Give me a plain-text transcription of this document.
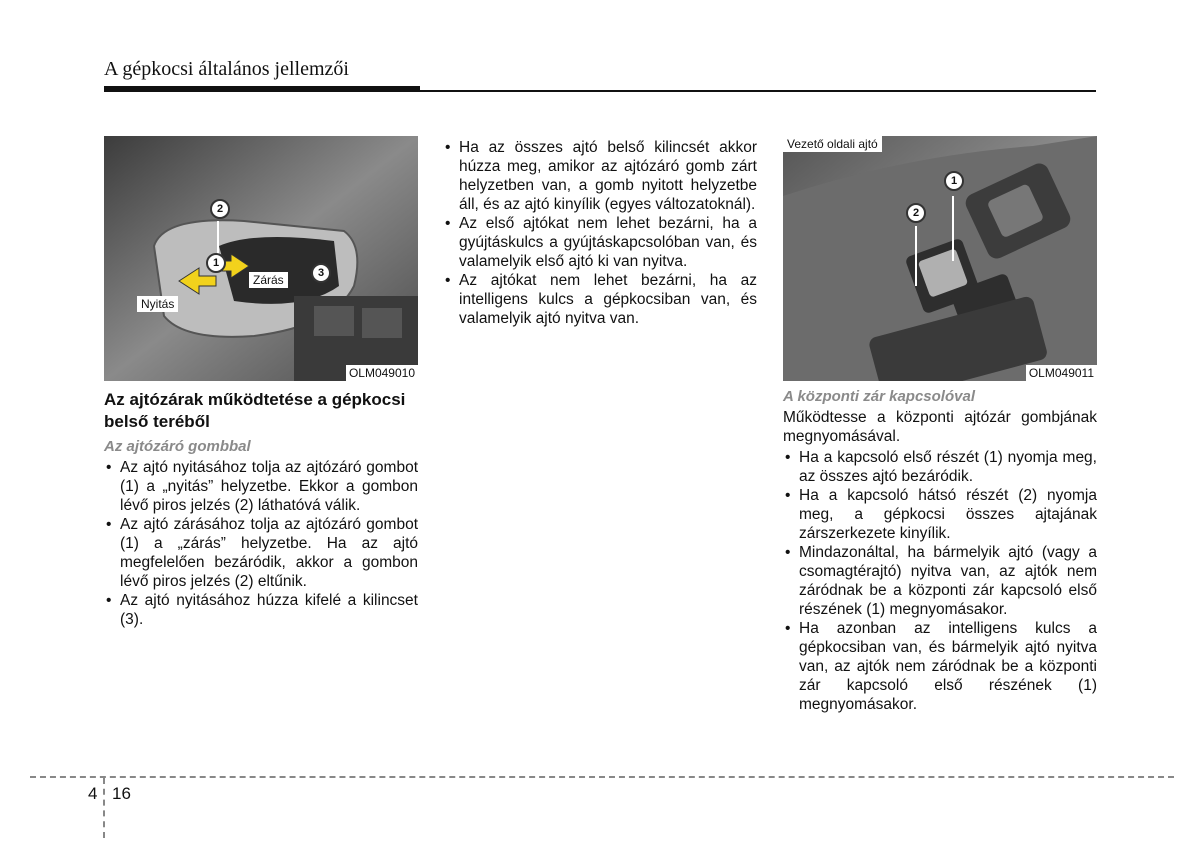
A gépkocsi általános jellemzői
1
2
3
Zárás
Nyitás
OLM049010
Az ajtózárak működtetése a gépkocsi belső teréből
Az ajtózáró gombbal
• Az ajtó nyitásához tolja az ajtózáró gombot (1) a „nyitás” helyzetbe. Ekkor a gombon lévő piros jelzés (2) láthatóvá válik.
• Az ajtó zárásához tolja az ajtózáró gombot (1) a „zárás” helyzetbe. Ha az ajtó megfelelően bezáródik, akkor a gombon lévő piros jelzés (2) eltűnik.
• Az ajtó nyitásához húzza kifelé a kilincset (3).
• Ha az összes ajtó belső kilincsét akkor húzza meg, amikor az ajtózáró gomb zárt helyzetben van, a gomb nyitott helyzetbe áll, és az ajtó kinyílik (egyes változatoknál).
• Az első ajtókat nem lehet bezárni, ha a gyújtáskulcs a gyújtáskapcsolóban van, és valamelyik első ajtó ki van nyitva.
• Az ajtókat nem lehet bezárni, ha az intelligens kulcs a gépkocsiban van, és valamelyik ajtó nyitva van.
Vezető oldali ajtó
1
2
OLM049011
A központi zár kapcsolóval

Működtesse a központi ajtózár gombjának megnyomásával.

• Ha a kapcsoló első részét (1) nyomja meg, az összes ajtó bezáródik.
• Ha a kapcsoló hátsó részét (2) nyomja meg, a gépkocsi összes ajtajának zárszerkezete kinyílik.
• Mindazonáltal, ha bármelyik ajtó (vagy a csomagtérajtó) nyitva van, az ajtók nem záródnak be a központi zár kapcsoló első részének (1) megnyomásakor.
• Ha azonban az intelligens kulcs a gépkocsiban van, és bármelyik ajtó nyitva van, az ajtók nem záródnak be a központi zár kapcsoló első részének (1) megnyomásakor.
4 16
